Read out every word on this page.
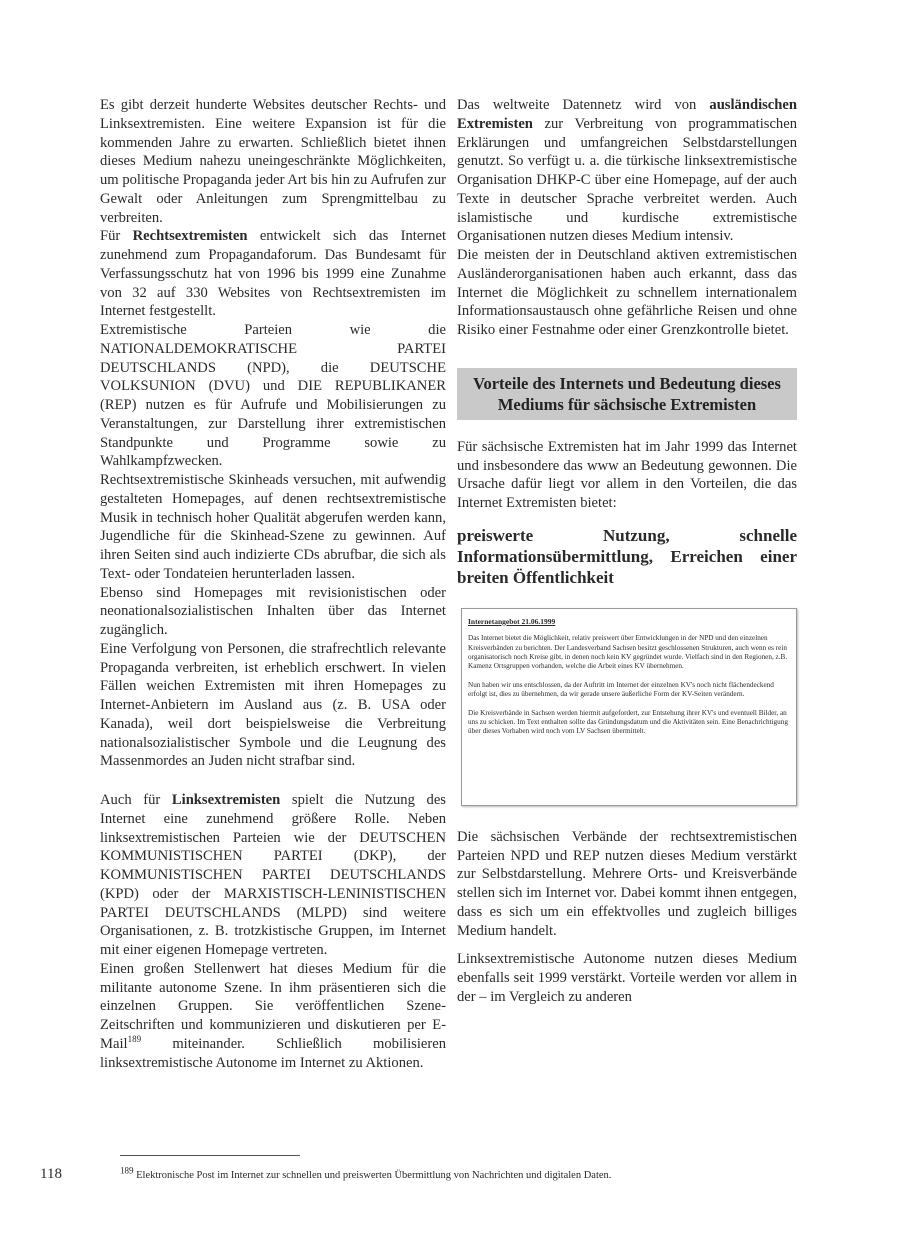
Es gibt derzeit hunderte Websites deutscher Rechts- und Linksextremisten. Eine weitere Expansion ist für die kommenden Jahre zu erwarten. Schließlich bietet ihnen dieses Medium nahezu uneingeschränkte Möglichkeiten, um politische Propaganda jeder Art bis hin zu Aufrufen zur Gewalt oder Anleitungen zum Sprengmittelbau zu verbreiten.

Für Rechtsextremisten entwickelt sich das Internet zunehmend zum Propagandaforum. Das Bundesamt für Verfassungsschutz hat von 1996 bis 1999 eine Zunahme von 32 auf 330 Websites von Rechtsextremisten im Internet festgestellt.

Extremistische Parteien wie die NATIONALDEMOKRATISCHE PARTEI DEUTSCHLANDS (NPD), die DEUTSCHE VOLKSUNION (DVU) und DIE REPUBLIKANER (REP) nutzen es für Aufrufe und Mobilisierungen zu Veranstaltungen, zur Darstellung ihrer extremistischen Standpunkte und Programme sowie zu Wahlkampfzwecken.

Rechtsextremistische Skinheads versuchen, mit aufwendig gestalteten Homepages, auf denen rechtsextremistische Musik in technisch hoher Qualität abgerufen werden kann, Jugendliche für die Skinhead-Szene zu gewinnen. Auf ihren Seiten sind auch indizierte CDs abrufbar, die sich als Text- oder Tondateien herunterladen lassen.

Ebenso sind Homepages mit revisionistischen oder neonationalsozialistischen Inhalten über das Internet zugänglich.

Eine Verfolgung von Personen, die strafrechtlich relevante Propaganda verbreiten, ist erheblich erschwert. In vielen Fällen weichen Extremisten mit ihren Homepages zu Internet-Anbietern im Ausland aus (z. B. USA oder Kanada), weil dort beispielsweise die Verbreitung nationalsozialistischer Symbole und die Leugnung des Massenmordes an Juden nicht strafbar sind.

Auch für Linksextremisten spielt die Nutzung des Internet eine zunehmend größere Rolle. Neben linksextremistischen Parteien wie der DEUTSCHEN KOMMUNISTISCHEN PARTEI (DKP), der KOMMUNISTISCHEN PARTEI DEUTSCHLANDS (KPD) oder der MARXISTISCH-LENINISTISCHEN PARTEI DEUTSCHLANDS (MLPD) sind weitere Organisationen, z. B. trotzkistische Gruppen, im Internet mit einer eigenen Homepage vertreten.

Einen großen Stellenwert hat dieses Medium für die militante autonome Szene. In ihm präsentieren sich die einzelnen Gruppen. Sie veröffentlichen Szene-Zeitschriften und kommunizieren und diskutieren per E-Mail$^{189}$ miteinander. Schließlich mobilisieren linksextremistische Autonome im Internet zu Aktionen.

Das weltweite Datennetz wird von ausländischen Extremisten zur Verbreitung von programmatischen Erklärungen und umfangreichen Selbstdarstellungen genutzt. So verfügt u. a. die türkische linksextremistische Organisation DHKP-C über eine Homepage, auf der auch Texte in deutscher Sprache verbreitet werden. Auch islamistische und kurdische extremistische Organisationen nutzen dieses Medium intensiv.

Die meisten der in Deutschland aktiven extremistischen Ausländerorganisationen haben auch erkannt, dass das Internet die Möglichkeit zu schnellem internationalem Informationsaustausch ohne gefährliche Reisen und ohne Risiko einer Festnahme oder einer Grenzkontrolle bietet.

Vorteile des Internets und Bedeutung dieses Mediums für sächsische Extremisten

Für sächsische Extremisten hat im Jahr 1999 das Internet und insbesondere das www an Bedeutung gewonnen. Die Ursache dafür liegt vor allem in den Vorteilen, die das Internet Extremisten bietet:

preiswerte Nutzung, schnelle Informationsübermittlung, Erreichen einer breiten Öffentlichkeit

Internetangebot 21.06.1999

Das Internet bietet die Möglichkeit, relativ preiswert über Entwicklungen in der NPD und den einzelnen Kreisverbänden zu berichten. Der Landesverband Sachsen besitzt geschlossenen Strukturen, auch wenn es rein organisatorisch noch Kreise gibt, in denen noch kein KV gegründet wurde. Vielfach sind in den Regionen, z.B. Kamenz Ortsgruppen vorhanden, welche die Arbeit eines KV übernehmen.

Nun haben wir uns entschlossen, da der Auftritt im Internet der einzelnen KV's noch nicht flächendeckend erfolgt ist, dies zu übernehmen, da wir gerade unsere äußerliche Form der KV-Seiten verändern.

Die Kreisverbände in Sachsen werden hiermit aufgefordert, zur Entstehung ihrer KV's und eventuell Bilder, an uns zu schicken. Im Text enthalten sollte das Gründungsdatum und die Aktivitäten sein. Eine Benachrichtigung über dieses Vorhaben wird noch vom LV Sachsen übermittelt.

Die sächsischen Verbände der rechtsextremistischen Parteien NPD und REP nutzen dieses Medium verstärkt zur Selbstdarstellung. Mehrere Orts- und Kreisverbände stellen sich im Internet vor. Dabei kommt ihnen entgegen, dass es sich um ein effektvolles und zugleich billiges Medium handelt.

Linksextremistische Autonome nutzen dieses Medium ebenfalls seit 1999 verstärkt. Vorteile werden vor allem in der – im Vergleich zu anderen

118	$^{189}$ Elektronische Post im Internet zur schnellen und preiswerten Übermittlung von Nachrichten und digitalen Daten.
